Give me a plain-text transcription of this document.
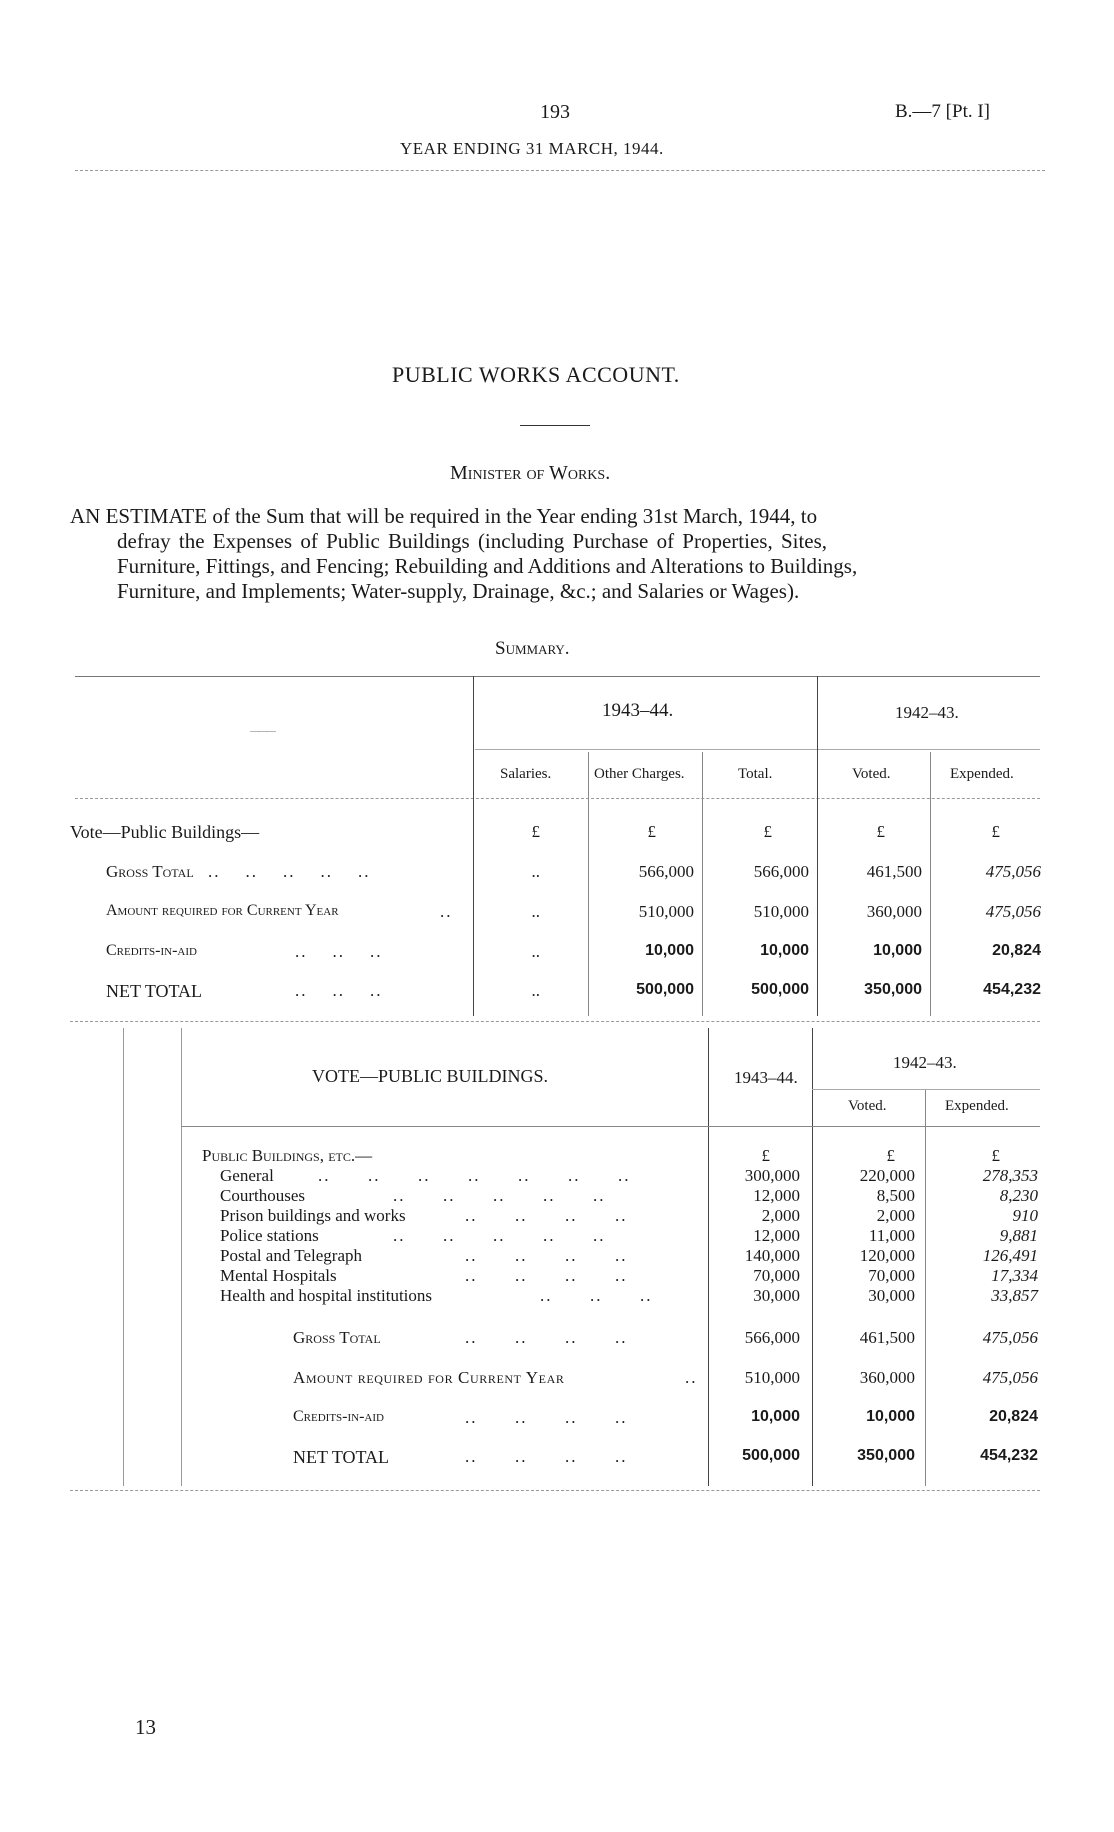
193	B.—7 [Pt. I]
YEAR ENDING 31 MARCH, 1944.
PUBLIC WORKS ACCOUNT.
Minister of Works.
AN ESTIMATE of the Sum that will be required in the Year ending 31st March, 1944, to
defray the Expenses of Public Buildings (including Purchase of Properties, Sites,
Furniture, Fittings, and Fencing; Rebuilding and Additions and Alterations to Buildings,
Furniture, and Implements; Water-supply, Drainage, &c.; and Salaries or Wages).
Summary.
———
1943–44.	1942–43.
Salaries.	Other Charges.	Total.	Voted.	Expended.
Vote—Public Buildings—	£	£	£	£	£
Gross Total ..    ..    ..    ..    ..	..	566,000	566,000	461,500	475,056
Amount required for Current Year	..	..	510,000	510,000	360,000	475,056
Credits-in-aid	..    ..    ..	..	10,000	10,000	10,000	20,824
NET TOTAL	..    ..    ..	..	500,000	500,000	350,000	454,232
VOTE—PUBLIC BUILDINGS.	1943–44.
1942–43.
Voted.	Expended.
Public Buildings, etc.—	£	£	£
General	..      ..      ..      ..      ..      ..      ..	300,000	220,000	278,353
Courthouses	..      ..      ..      ..      ..	12,000	8,500	8,230
Prison buildings and works	..      ..      ..      ..	2,000	2,000	910
Police stations	..      ..      ..      ..      ..	12,000	11,000	9,881
Postal and Telegraph	..      ..      ..      ..	140,000	120,000	126,491
Mental Hospitals	..      ..      ..      ..	70,000	70,000	17,334
Health and hospital institutions	..      ..      ..	30,000	30,000	33,857
Gross Total	..      ..      ..      ..	566,000	461,500	475,056
Amount required for Current Year	..	510,000	360,000	475,056
Credits-in-aid	..      ..      ..      ..	10,000	10,000	20,824
NET TOTAL	..      ..      ..      ..	500,000	350,000	454,232
13
